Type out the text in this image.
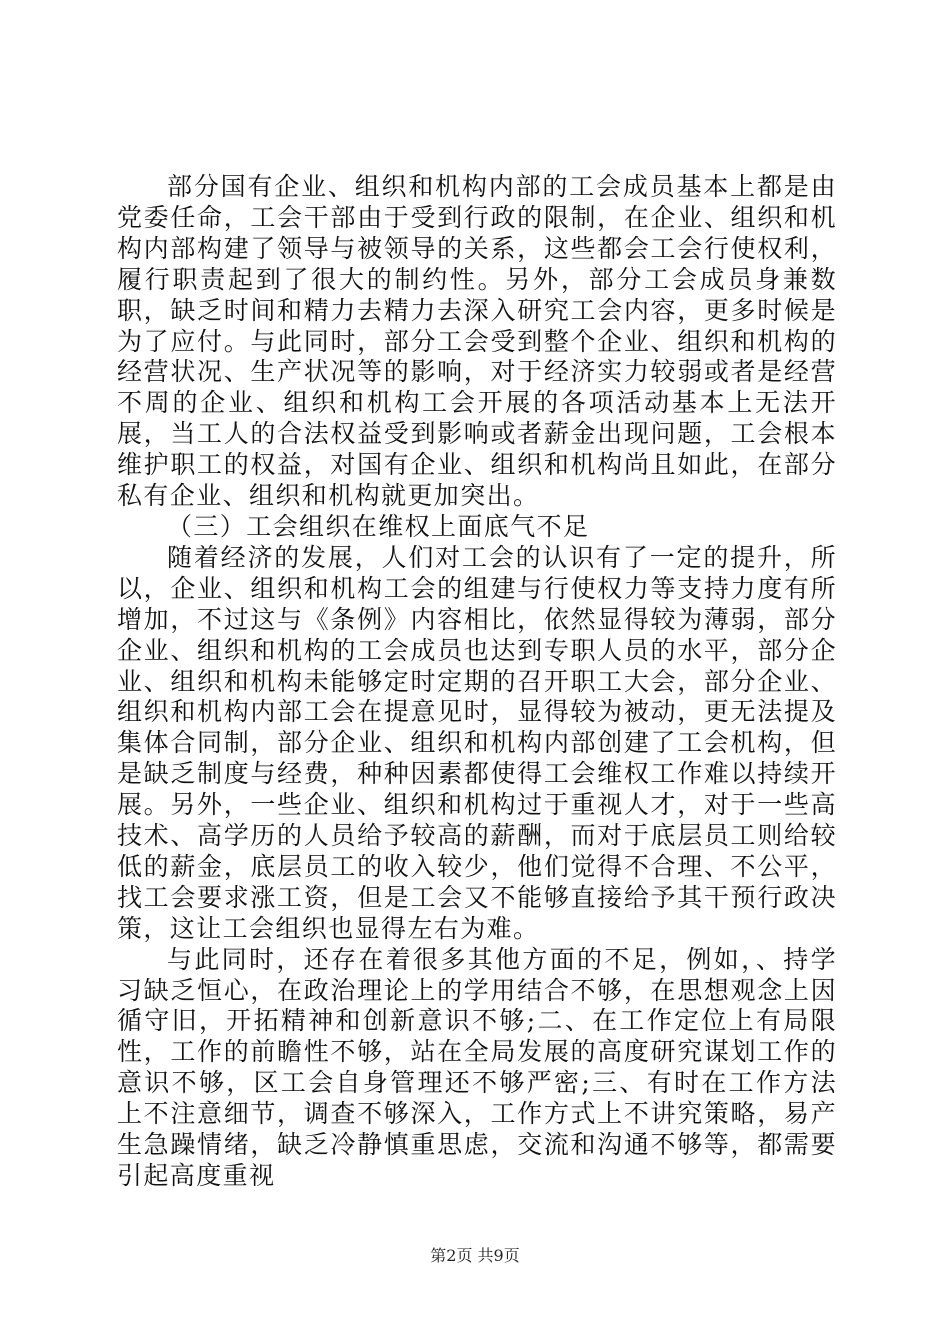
部分国有企业、组织和机构内部的工会成员基本上都是由党委任命，工会干部由于受到行政的限制，在企业、组织和机构内部构建了领导与被领导的关系，这些都会工会行使权利，履行职责起到了很大的制约性。另外，部分工会成员身兼数职，缺乏时间和精力去精力去深入研究工会内容，更多时候是为了应付。与此同时，部分工会受到整个企业、组织和机构的经营状况、生产状况等的影响，对于经济实力较弱或者是经营不周的企业、组织和机构工会开展的各项活动基本上无法开展，当工人的合法权益受到影响或者薪金出现问题，工会根本维护职工的权益，对国有企业、组织和机构尚且如此，在部分私有企业、组织和机构就更加突出。

（三）工会组织在维权上面底气不足

随着经济的发展，人们对工会的认识有了一定的提升，所以，企业、组织和机构工会的组建与行使权力等支持力度有所增加，不过这与《条例》内容相比，依然显得较为薄弱，部分企业、组织和机构的工会成员也达到专职人员的水平，部分企业、组织和机构未能够定时定期的召开职工大会，部分企业、组织和机构内部工会在提意见时，显得较为被动，更无法提及集体合同制，部分企业、组织和机构内部创建了工会机构，但是缺乏制度与经费，种种因素都使得工会维权工作难以持续开展。另外，一些企业、组织和机构过于重视人才，对于一些高技术、高学历的人员给予较高的薪酬，而对于底层员工则给较低的薪金，底层员工的收入较少，他们觉得不合理、不公平，找工会要求涨工资，但是工会又不能够直接给予其干预行政决策，这让工会组织也显得左右为难。

与此同时，还存在着很多其他方面的不足，例如，、持学习缺乏恒心，在政治理论上的学用结合不够，在思想观念上因循守旧，开拓精神和创新意识不够;二、在工作定位上有局限性，工作的前瞻性不够，站在全局发展的高度研究谋划工作的意识不够，区工会自身管理还不够严密;三、有时在工作方法上不注意细节，调查不够深入，工作方式上不讲究策略，易产生急躁情绪，缺乏冷静慎重思虑，交流和沟通不够等，都需要引起高度重视

第2页 共9页
